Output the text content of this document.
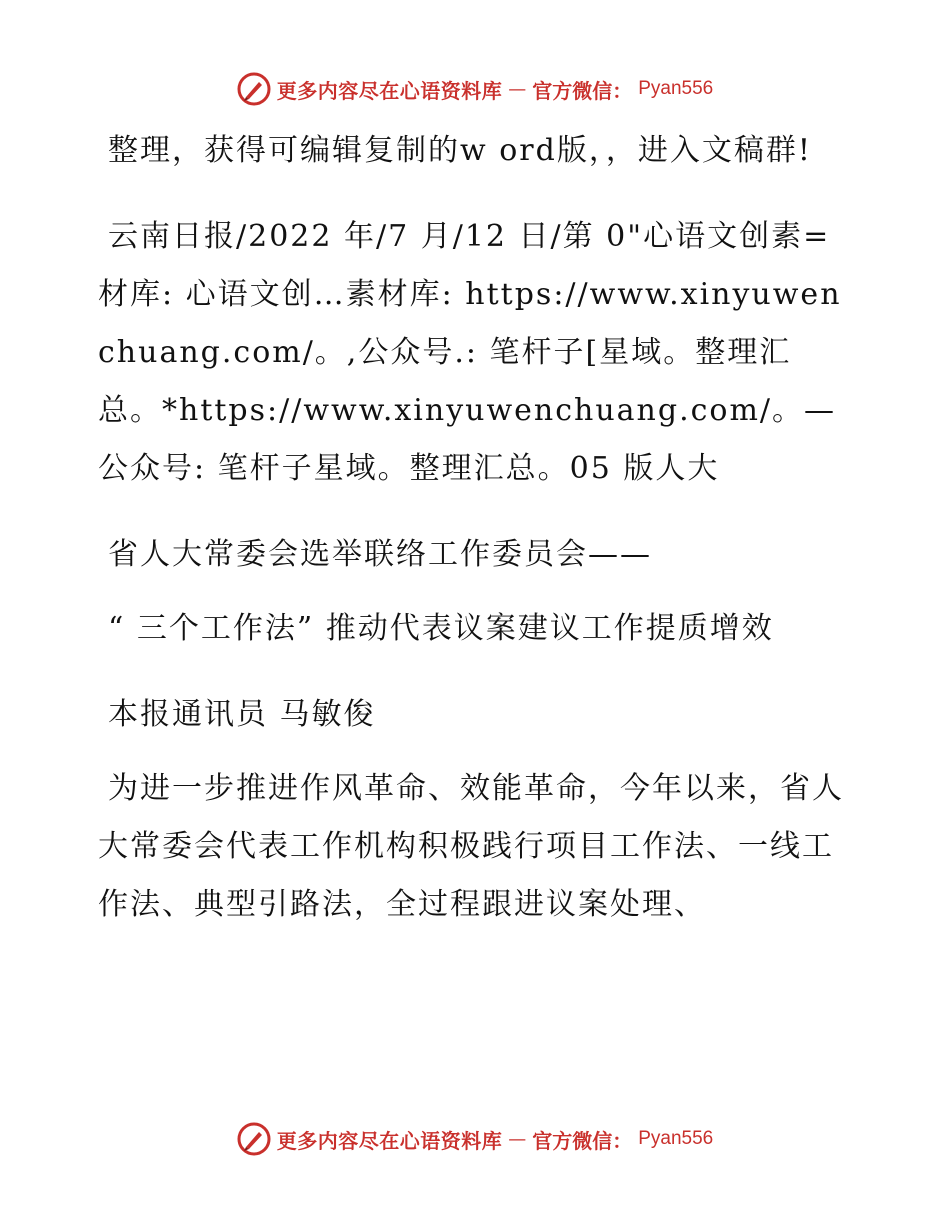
更多内容尽在心语资料库 — 官方微信： Pyan556

整理，获得可编辑复制的w ord版，，进入文稿群!

云南日报/2022 年/7 月/12 日/第 0"心语文创素=材库: 心语文创…素材库: https://www.xinyuwenchuang.com/。,公众号.: 笔杆子[星域。整理汇总。*https://www.xinyuwenchuang.com/。—公众号: 笔杆子星域。整理汇总。05 版人大

省人大常委会选举联络工作委员会——

“ 三个工作法” 推动代表议案建议工作提质增效

本报通讯员 马敏俊

为进一步推进作风革命、效能革命，今年以来，省人大常委会代表工作机构积极践行项目工作法、一线工作法、典型引路法，全过程跟进议案处理、

更多内容尽在心语资料库 — 官方微信： Pyan556
